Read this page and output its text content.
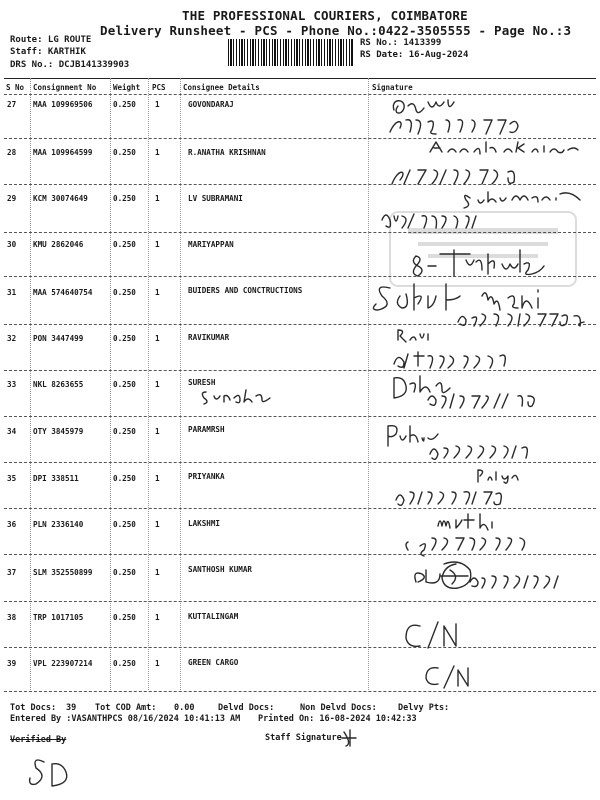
THE PROFESSIONAL COURIERS, COIMBATORE
Delivery Runsheet - PCS - Phone No.:0422-3505555 - Page No.:3
Route: LG ROUTE
Staff: KARTHIK
DRS No.: DCJB141339903
RS No.: 1413399
RS Date: 16-Aug-2024
S No Consignment No Weight PCS Consignee Details	Signature
27 MAA 109969506	0.250	1	GOVONDARAJ
28 MAA 109964599	0.250	1	R.ANATHA KRISHNAN
29 KCM 30074649	0.250	1	LV SUBRAMANI
30 KMU 2862046	0.250	1	MARIYAPPAN
31 MAA 574640754	0.250	1	BUIDERS AND CONCTRUCTIONS
32 PON 3447499	0.250	1	RAVIKUMAR
33 NKL 8263655	0.250	1	SURESH
34 OTY 3845979	0.250	1	PARAMRSH
35 DPI 338511	0.250	1	PRIYANKA
36 PLN 2336140	0.250	1	LAKSHMI
37 SLM 352550899	0.250	1	SANTHOSH KUMAR
38 TRP 1017105	0.250	1	KUTTALINGAM
39 VPL 223907214	0.250	1	GREEN CARGO
Tot Docs: 39 Tot COD Amt: 0.00	Delvd Docs:	Non Delvd Docs: Delvy Pts:
Entered By :VASANTHPCS 08/16/2024 10:41:13 AM Printed On: 16-08-2024 10:42:33
Verified By	Staff Signature
